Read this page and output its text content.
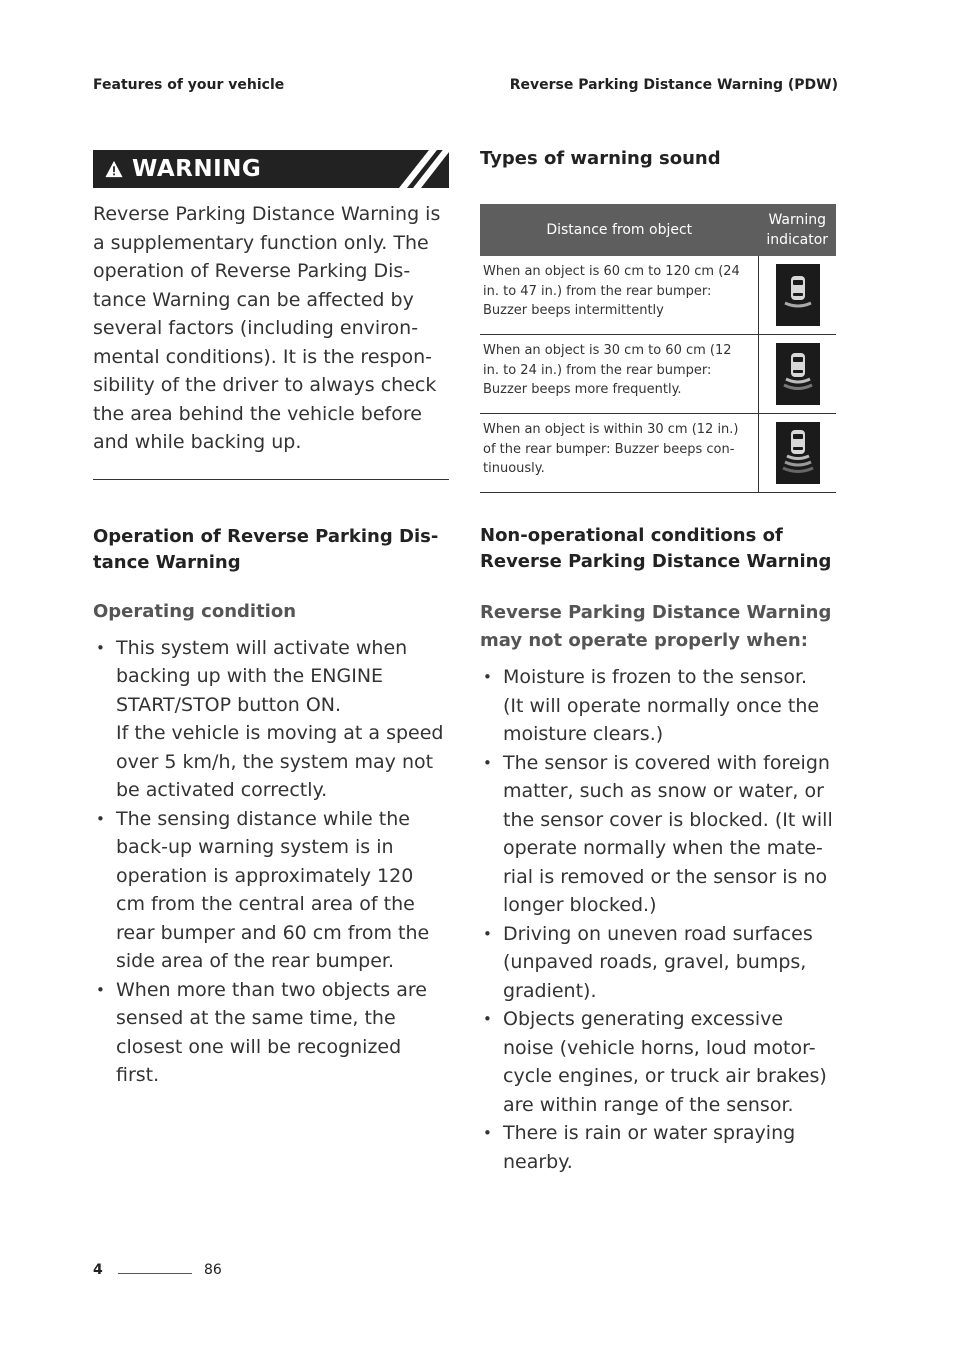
Features of your vehicle	Reverse Parking Distance Warning (PDW)
WARNING

Reverse Parking Distance Warning is
a supplementary function only. The
operation of Reverse Parking Dis-
tance Warning can be affected by
several factors (including environ-
mental conditions). It is the respon-
sibility of the driver to always check
the area behind the vehicle before
and while backing up.

Operation of Reverse Parking Dis-
tance Warning
Operating condition
• This system will activate when
backing up with the ENGINE
START/STOP button ON.
If the vehicle is moving at a speed
over 5 km/h, the system may not
be activated correctly.
• The sensing distance while the
back-up warning system is in
operation is approximately 120
cm from the central area of the
rear bumper and 60 cm from the
side area of the rear bumper.
• When more than two objects are
sensed at the same time, the
closest one will be recognized
first.
Types of warning sound
Distance from object	Warning
indicator

When an object is 60 cm to 120 cm (24
in. to 47 in.) from the rear bumper:
Buzzer beeps intermittently

When an object is 30 cm to 60 cm (12
in. to 24 in.) from the rear bumper:
Buzzer beeps more frequently.

When an object is within 30 cm (12 in.)
of the rear bumper: Buzzer beeps con-
tinuously.

Non-operational conditions of
Reverse Parking Distance Warning
Reverse Parking Distance Warning
may not operate properly when:
• Moisture is frozen to the sensor.
(It will operate normally once the
moisture clears.)
• The sensor is covered with foreign
matter, such as snow or water, or
the sensor cover is blocked. (It will
operate normally when the mate-
rial is removed or the sensor is no
longer blocked.)
• Driving on uneven road surfaces
(unpaved roads, gravel, bumps,
gradient).
• Objects generating excessive
noise (vehicle horns, loud motor-
cycle engines, or truck air brakes)
are within range of the sensor.
• There is rain or water spraying
nearby.
4	86
